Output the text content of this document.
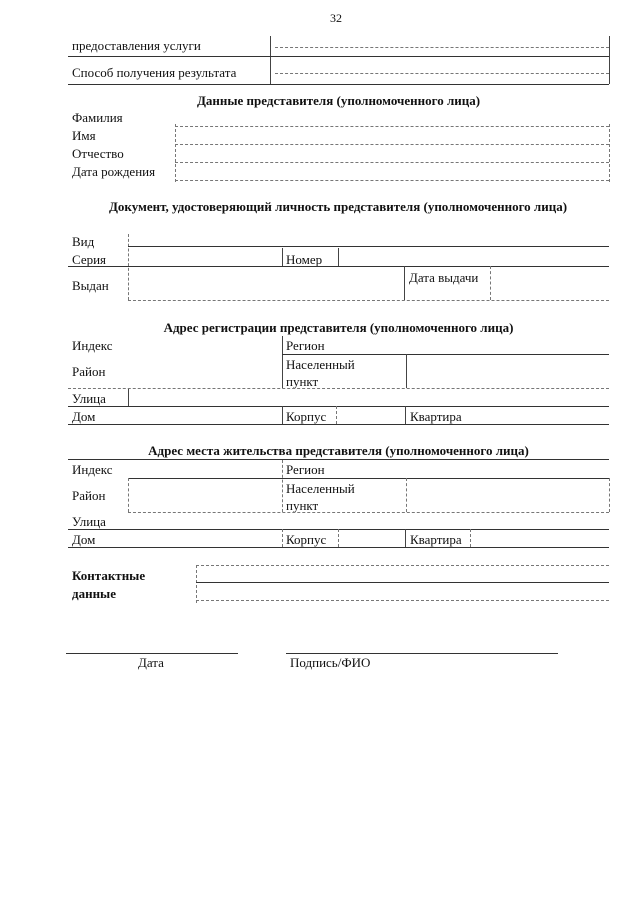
32
предоставления услуги
Способ получения результата
Данные представителя (уполномоченного лица)
Фамилия
Имя
Отчество
Дата рождения
Документ, удостоверяющий личность представителя (уполномоченного лица)
Вид
Серия	Номер
Выдан
Дата выдачи
Адрес регистрации представителя (уполномоченного лица)
Индекс	Регион
Район	Населенный пункт
Улица
Дом	Корпус	Квартира
Адрес места жительства представителя (уполномоченного лица)
Индекс	Регион
Район	Населенный пункт
Улица
Дом	Корпус	Квартира
Контактные данные
Дата	Подпись/ФИО
